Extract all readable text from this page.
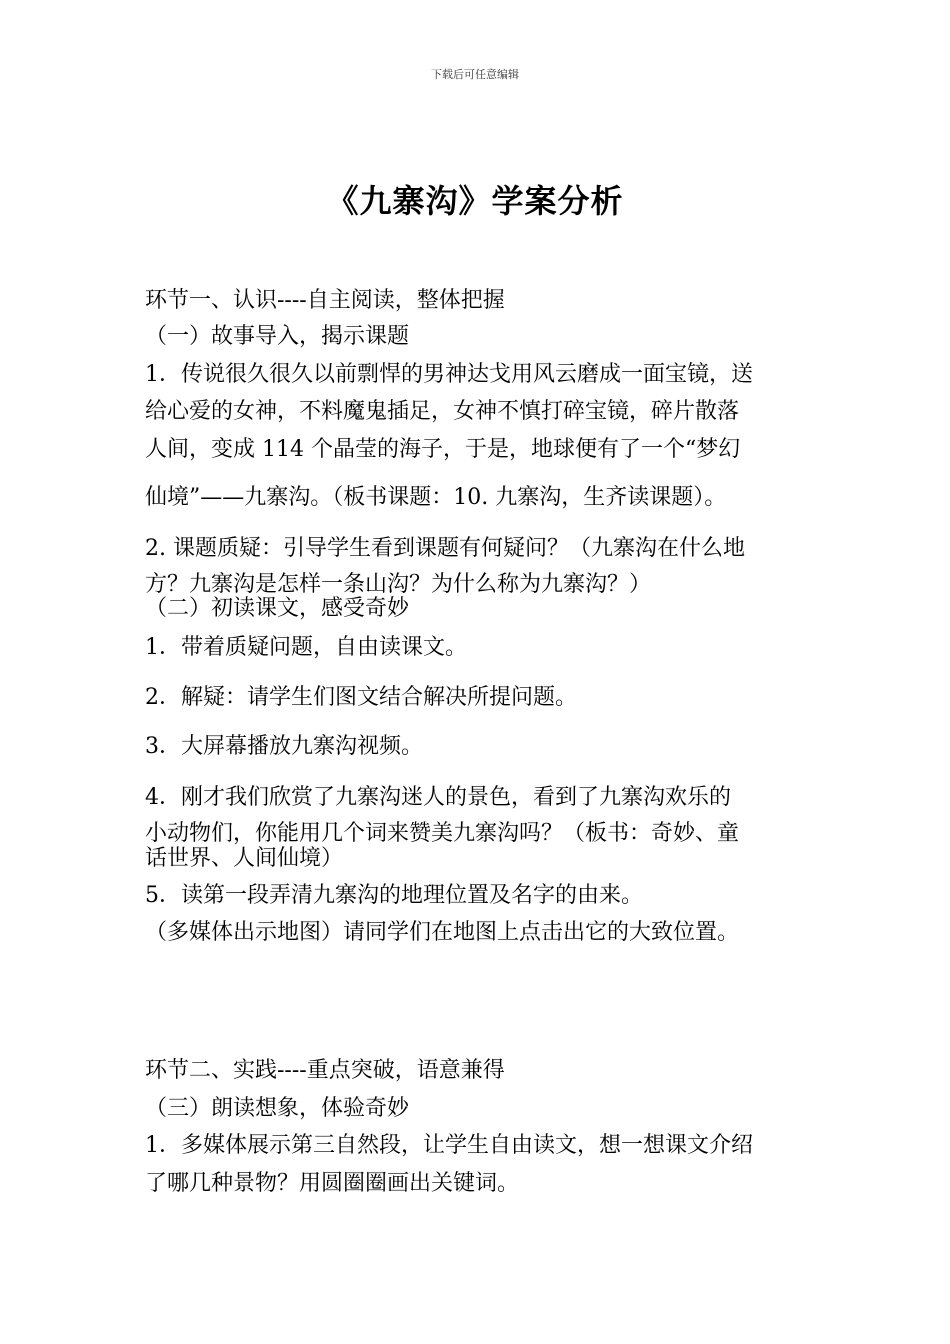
下载后可任意编辑
《九寨沟》学案分析
环节一、认识----自主阅读，整体把握
（一）故事导入，揭示课题
1．传说很久很久以前剽悍的男神达戈用风云磨成一面宝镜，送
给心爱的女神，不料魔鬼插足，女神不慎打碎宝镜，碎片散落
人间，变成 114 个晶莹的海子，于是，地球便有了一个“梦幻
仙境”——九寨沟。（板书课题：10. 九寨沟，生齐读课题）。
2. 课题质疑：引导学生看到课题有何疑问？（九寨沟在什么地
方？九寨沟是怎样一条山沟？为什么称为九寨沟？）
（二）初读课文，感受奇妙
1．带着质疑问题，自由读课文。
2．解疑：请学生们图文结合解决所提问题。
3．大屏幕播放九寨沟视频。
4．刚才我们欣赏了九寨沟迷人的景色，看到了九寨沟欢乐的
小动物们，你能用几个词来赞美九寨沟吗？（板书：奇妙、童
话世界、人间仙境）
5．读第一段弄清九寨沟的地理位置及名字的由来。
（多媒体出示地图）请同学们在地图上点击出它的大致位置。
环节二、实践----重点突破，语意兼得
（三）朗读想象，体验奇妙
1．多媒体展示第三自然段，让学生自由读文，想一想课文介绍
了哪几种景物？用圆圈圈画出关键词。
